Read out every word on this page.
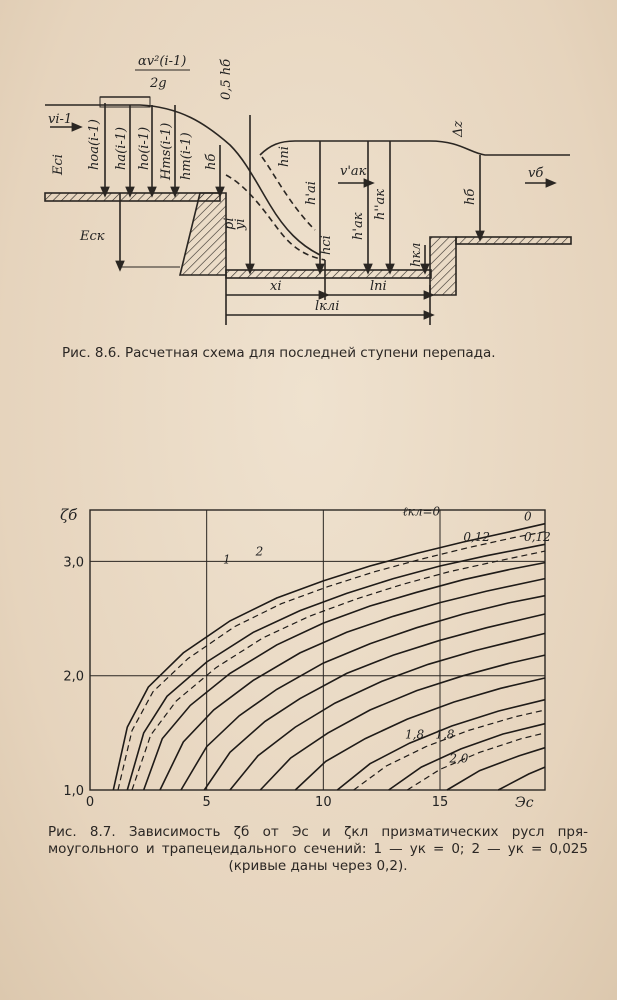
αv²(i-1)
2g	0,5 hб
vi-1
Eci hoa(i-1) ha(i-1) ho(i-1) Hтs(i-1) hт(i-1) hб
pi
yi
hni
h'ai
hci
v'aк
h'aк
h''aк
Δz
hб
vб
hкл
Eск
xi	lпi
lклi
Рис. 8.6. Расчетная схема для последней ступени перепада.
0	5	10	15
1,0
2,0
3,0
Эс
ζб	ℓкл=0	0
0,12	0,12
1
2
1,8 1,8
2,0
Рис. 8.7. Зависимость ζб от Эс и ζкл призматических русл пря-
моугольного и трапецеидального сечений: 1 — yк = 0; 2 — yк = 0,025
(кривые даны через 0,2).
